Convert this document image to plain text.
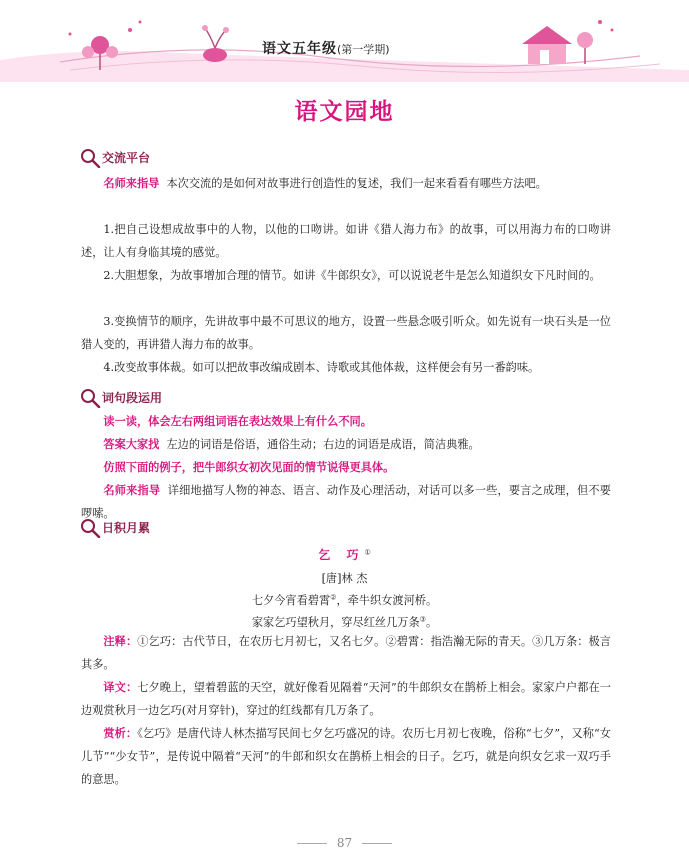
语文五年级(第一学期)
语文园地
交流平台

名师来指导 本次交流的是如何对故事进行创造性的复述，我们一起来看看有哪些方法吧。

1.把自己设想成故事中的人物，以他的口吻讲。如讲《猎人海力布》的故事，可以用海力布的口吻讲述，让人有身临其境的感觉。

2.大胆想象，为故事增加合理的情节。如讲《牛郎织女》，可以说说老牛是怎么知道织女下凡时间的。

3.变换情节的顺序，先讲故事中最不可思议的地方，设置一些悬念吸引听众。如先说有一块石头是一位猎人变的，再讲猎人海力布的故事。

4.改变故事体裁。如可以把故事改编成剧本、诗歌或其他体裁，这样便会有另一番韵味。

词句段运用

读一读，体会左右两组词语在表达效果上有什么不同。

答案大家找 左边的词语是俗语，通俗生动；右边的词语是成语，简洁典雅。

仿照下面的例子，把牛郎织女初次见面的情节说得更具体。

名师来指导 详细地描写人物的神态、语言、动作及心理活动，对话可以多一些，要言之成理，但不要啰嗦。

日积月累
乞 巧①
[唐]林 杰
七夕今宵看碧霄②，牵牛织女渡河桥。
家家乞巧望秋月，穿尽红丝几万条③。

注释：①乞巧：古代节日，在农历七月初七，又名七夕。②碧霄：指浩瀚无际的青天。③几万条：极言其多。

译文：七夕晚上，望着碧蓝的天空，就好像看见隔着“天河”的牛郎织女在鹊桥上相会。家家户户都在一边观赏秋月一边乞巧(对月穿针)，穿过的红线都有几万条了。

赏析：《乞巧》是唐代诗人林杰描写民间七夕乞巧盛况的诗。农历七月初七夜晚，俗称“七夕”，又称“女儿节”“少女节”，是传说中隔着“天河”的牛郎和织女在鹊桥上相会的日子。乞巧，就是向织女乞求一双巧手的意思。

87
